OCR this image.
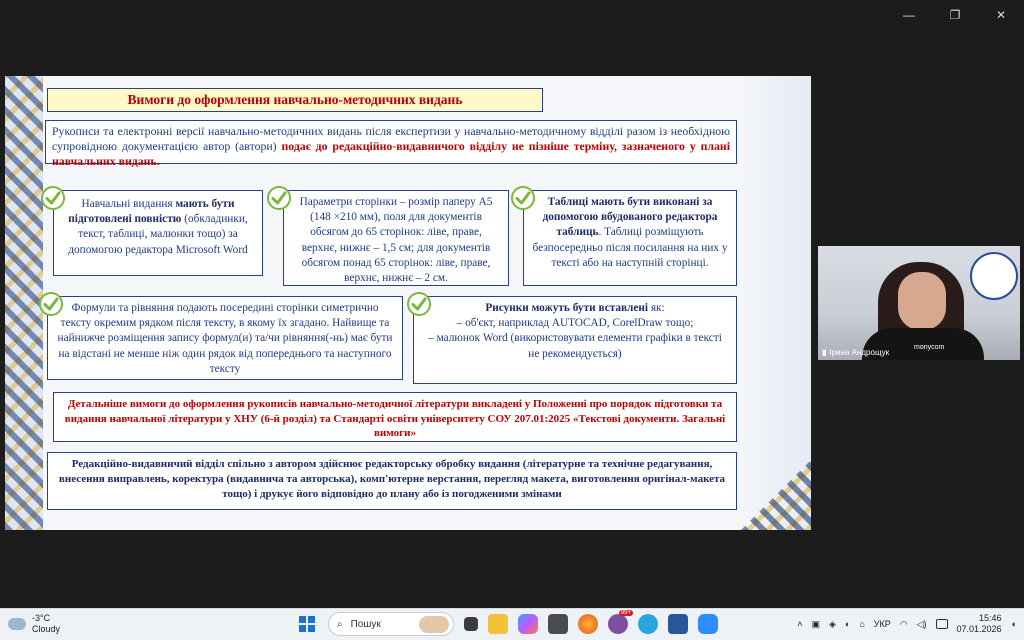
—	❐	✕
Вимоги до оформлення навчально-методичних видань
Рукописи та електронні версії навчально-методичних видань після експертизи у навчально-методичному відділі разом із необхідною супровідною документацією автор (автори) подає до редакційно-видавничого відділу не пізніше терміну, зазначеного у плані навчальних видань.
Навчальні видання мають бути підготовлені повністю (обкладинки, текст, таблиці, малюнки тощо) за допомогою редактора Microsoft Word
Параметри сторінки – розмір паперу А5 (148 ×210 мм), поля для документів обсягом до 65 сторінок: ліве, праве, верхнє, нижнє – 1,5 см; для документів обсягом понад 65 сторінок: ліве, праве, верхнє, нижнє – 2 см.
Таблиці мають бути виконані за допомогою вбудованого редактора таблиць. Таблиці розміщують безпосередньо після посилання на них у тексті або на наступній сторінці.
Формули та рівняння подають посередині сторінки симетрично тексту окремим рядком після тексту, в якому їх згадано. Найвище та найнижче розміщення запису формул(и) та/чи рівняння(-нь) має бути на відстані не менше ніж один рядок від попереднього та наступного тексту
Рисунки можуть бути вставлені як:
– об'єкт, наприклад AUTOCAD, CorelDraw тощо;
– малюнок Word (використовувати елементи графіки в тексті не рекомендується)
Детальніше вимоги до оформлення рукописів навчально-методичної літератури викладені у Положенні про порядок підготовки та видання навчальної літератури у ХНУ (6-й розділ) та Стандарті освіти університету СОУ 207.01:2025 «Текстові документи. Загальні вимоги»
Редакційно-видавничий відділ спільно з автором здійснює редакторську обробку видання (літературне та технічне редагування, внесення виправлень, коректура (видавнича та авторська), комп'ютерне верстання, перегляд макета, виготовлення оригінал-макета тощо) і друкує його відповідно до плану або із погодженими змінами
monycom
▮ Ірина Андрощук
-3°C
Cloudy	⌕ Пошук
99+
˄ ▣ ◈ ◐ ⌂ УКР ◠ ◁)
15:46
07.01.2026 ◖
